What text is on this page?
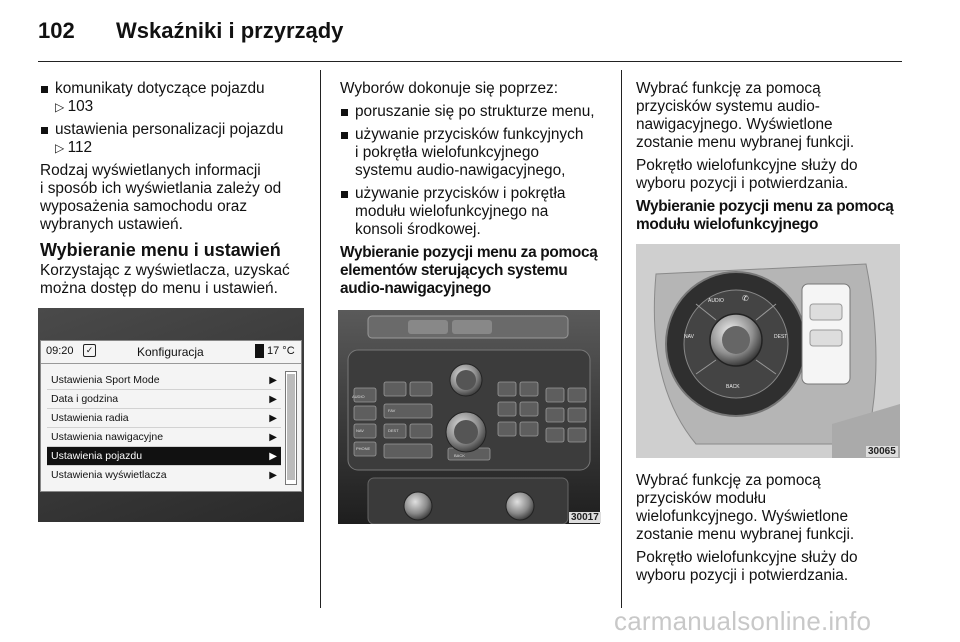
102 Wskaźniki i przyrządy
komunikaty dotyczące pojazdu
▷ 103
ustawienia personalizacji pojazdu
▷ 112

Rodzaj wyświetlanych informacji
i sposób ich wyświetlania zależy od
wyposażenia samochodu oraz
wybranych ustawień.

Wybieranie menu i ustawień

Korzystając z wyświetlacza, uzyskać
można dostęp do menu i ustawień.

09:20	✓	Konfiguracja	17 °C
Ustawienia Sport Mode	▶
Data i godzina	▶
Ustawienia radia	▶
Ustawienia nawigacyjne	▶
Ustawienia pojazdu	▶
Ustawienia wyświetlacza	▶

Wyborów dokonuje się poprzez:

poruszanie się po strukturze menu,
używanie przycisków funkcyjnych
i pokrętła wielofunkcyjnego
systemu audio-nawigacyjnego,
używanie przycisków i pokrętła
modułu wielofunkcyjnego na
konsoli środkowej.
Wybieranie pozycji menu za pomocą
elementów sterujących systemu
audio-nawigacyjnego
AUDIO
BACK
FAV
NAV
PHONE
DEST
30017

Wybrać funkcję za pomocą
przycisków systemu audio-
nawigacyjnego. Wyświetlone
zostanie menu wybranej funkcji.

Pokrętło wielofunkcyjne służy do
wyboru pozycji i potwierdzania.

Wybieranie pozycji menu za pomocą
modułu wielofunkcyjnego
AUDIO ✆
NAV	DEST
BACK
30065

Wybrać funkcję za pomocą
przycisków modułu
wielofunkcyjnego. Wyświetlone
zostanie menu wybranej funkcji.

Pokrętło wielofunkcyjne służy do
wyboru pozycji i potwierdzania.

carmanualsonline.info
